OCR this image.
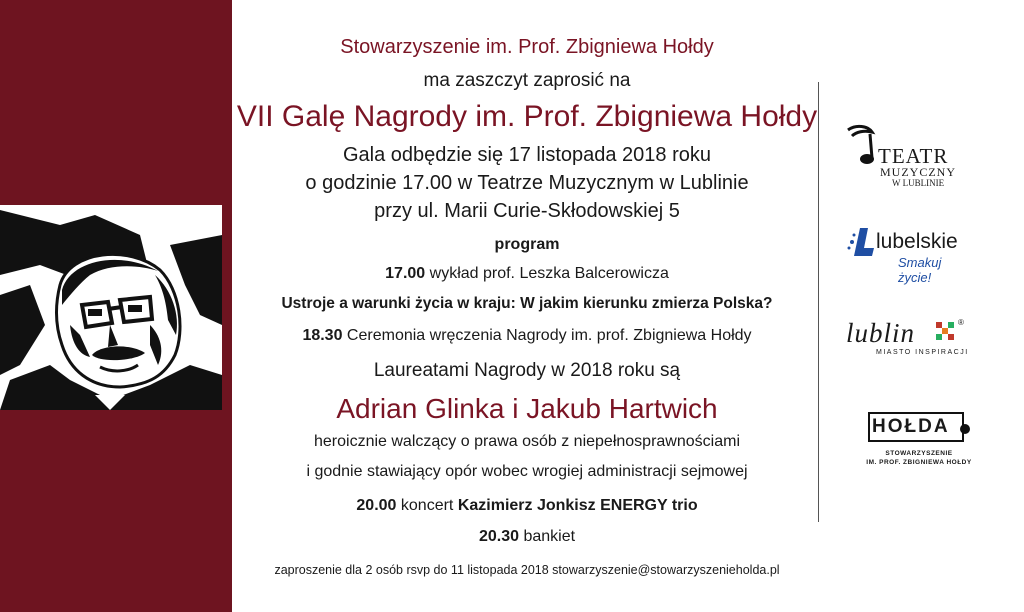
Stowarzyszenie im. Prof. Zbigniewa Hołdy
ma zaszczyt zaprosić na
VII Galę Nagrody im. Prof. Zbigniewa Hołdy
Gala odbędzie się 17 listopada 2018 roku
o godzinie 17.00 w Teatrze Muzycznym w Lublinie
przy ul. Marii Curie-Skłodowskiej 5
program
17.00 wykład prof. Leszka Balcerowicza
Ustroje a warunki życia w kraju: W jakim kierunku zmierza Polska?
18.30 Ceremonia wręczenia Nagrody im. prof. Zbigniewa Hołdy
Laureatami Nagrody w 2018 roku są
Adrian Glinka i Jakub Hartwich
heroicznie walczący o prawa osób z niepełnosprawnościami
i godnie stawiający opór wobec wrogiej administracji sejmowej
20.00 koncert Kazimierz Jonkisz ENERGY trio
20.30 bankiet
zaproszenie dla 2 osób rsvp do 11 listopada 2018 stowarzyszenie@stowarzyszenieholda.pl
TEATR
MUZYCZNY
W LUBLINIE
lubelskie
Smakuj życie!
lublin	®
MIASTO INSPIRACJI
HOŁDA
STOWARZYSZENIE
IM. PROF. ZBIGNIEWA HOŁDY
